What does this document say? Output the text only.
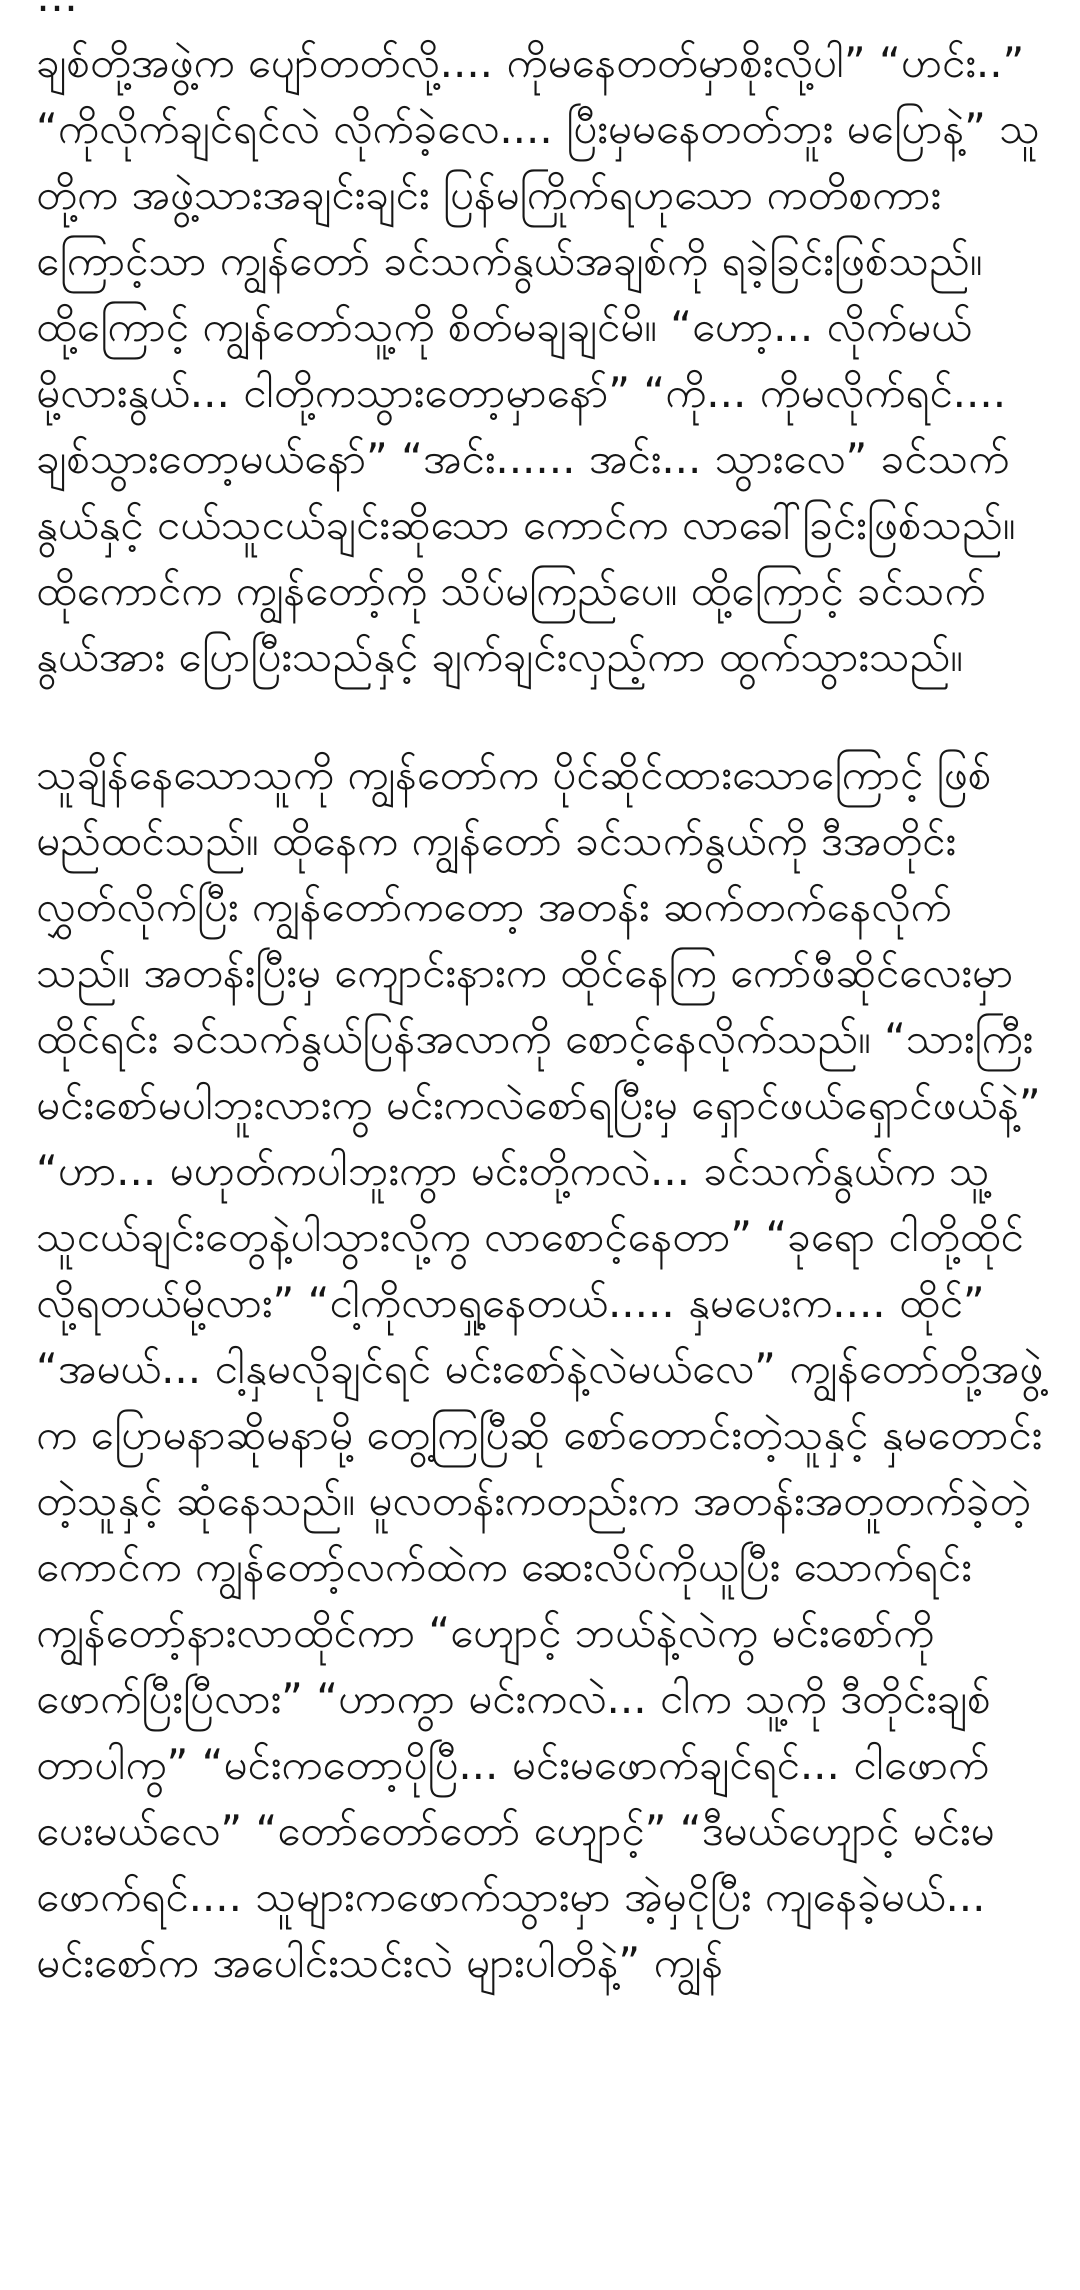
ချစ်တို့အဖွဲ့က ပျော်တတ်လို့.... ကိုမနေတတ်မှာစိုးလို့ပါ” “ဟင်း..” “ကိုလိုက်ချင်ရင်လဲ လိုက်ခဲ့လေ.... ပြီးမှမနေတတ်ဘူး မပြောနဲ့” သူတို့က အဖွဲ့သားအချင်းချင်း ပြန်မကြိုက်ရဟုသော ကတိစကားကြောင့်သာ ကျွန်တော် ခင်သက်နွယ်အချစ်ကို ရခဲ့ခြင်းဖြစ်သည်။ ထို့ကြောင့် ကျွန်တော်သူ့ကို စိတ်မချချင်မိ။ “ဟော့... လိုက်မယ်မို့လားနွယ်... ငါတို့ကသွားတော့မှာနော်” “ကို... ကိုမလိုက်ရင်.... ချစ်သွားတော့မယ်နော်” “အင်း...... အင်း... သွားလေ” ခင်သက်နွယ်နှင့် ငယ်သူငယ်ချင်းဆိုသော ကောင်က လာခေါ်ခြင်းဖြစ်သည်။ ထိုကောင်က ကျွန်တော့်ကို သိပ်မကြည်ပေ။ ထို့ကြောင့် ခင်သက်နွယ်အား ပြောပြီးသည်နှင့် ချက်ချင်းလှည့်ကာ ထွက်သွားသည်။

သူချိန်နေသောသူကို ကျွန်တော်က ပိုင်ဆိုင်ထားသောကြောင့် ဖြစ်မည်ထင်သည်။ ထိုနေက ကျွန်တော် ခင်သက်နွယ်ကို ဒီအတိုင်းလွှတ်လိုက်ပြီး ကျွန်တော်ကတော့ အတန်း ဆက်တက်နေလိုက်သည်။ အတန်းပြီးမှ ကျောင်းနားက ထိုင်နေကြ ကော်ဖီဆိုင်လေးမှာထိုင်ရင်း ခင်သက်နွယ်ပြန်အလာကို စောင့်နေလိုက်သည်။ “သားကြီး မင်းစော်မပါဘူးလားကွ မင်းကလဲစော်ရပြီးမှ ရှောင်ဖယ်ရှောင်ဖယ်နဲ့” “ဟာ... မဟုတ်ကပါဘူးကွာ မင်းတို့ကလဲ... ခင်သက်နွယ်က သူ့သူငယ်ချင်းတွေနဲ့ပါသွားလို့ကွ လာစောင့်နေတာ” “ခုရော ငါတို့ထိုင်လို့ရတယ်မို့လား” “ငါ့ကိုလာရှု့နေတယ်..... နှမပေးက.... ထိုင်” “အမယ်... ငါ့နှမလိုချင်ရင် မင်းစော်နဲ့လဲမယ်လေ” ကျွန်တော်တို့အဖွဲ့က ပြောမနာဆိုမနာမို့ တွေ့ကြပြီဆို စော်တောင်းတဲ့သူနှင့် နှမတောင်းတဲ့သူနှင့် ဆုံနေသည်။ မူလတန်းကတည်းက အတန်းအတူတက်ခဲ့တဲ့ကောင်က ကျွန်တော့်လက်ထဲက ဆေးလိပ်ကိုယူပြီး သောက်ရင်း ကျွန်တော့်နားလာထိုင်ကာ “ဟျောင့် ဘယ်နဲ့လဲကွ မင်းစော်ကို ဖောက်ပြီးပြီလား” “ဟာကွာ မင်းကလဲ... ငါက သူ့ကို ဒီတိုင်းချစ်တာပါကွ” “မင်းကတော့ပိုပြီ... မင်းမဖောက်ချင်ရင်... ငါဖောက်ပေးမယ်လေ” “တော်တော်တော် ဟျောင့်” “ဒီမယ်ဟျောင့် မင်းမဖောက်ရင်.... သူများကဖောက်သွားမှာ အဲ့မှငိုပြီး ကျနေခဲ့မယ်... မင်းစော်က အပေါင်းသင်းလဲ များပါတိနဲ့” ကျွန်
